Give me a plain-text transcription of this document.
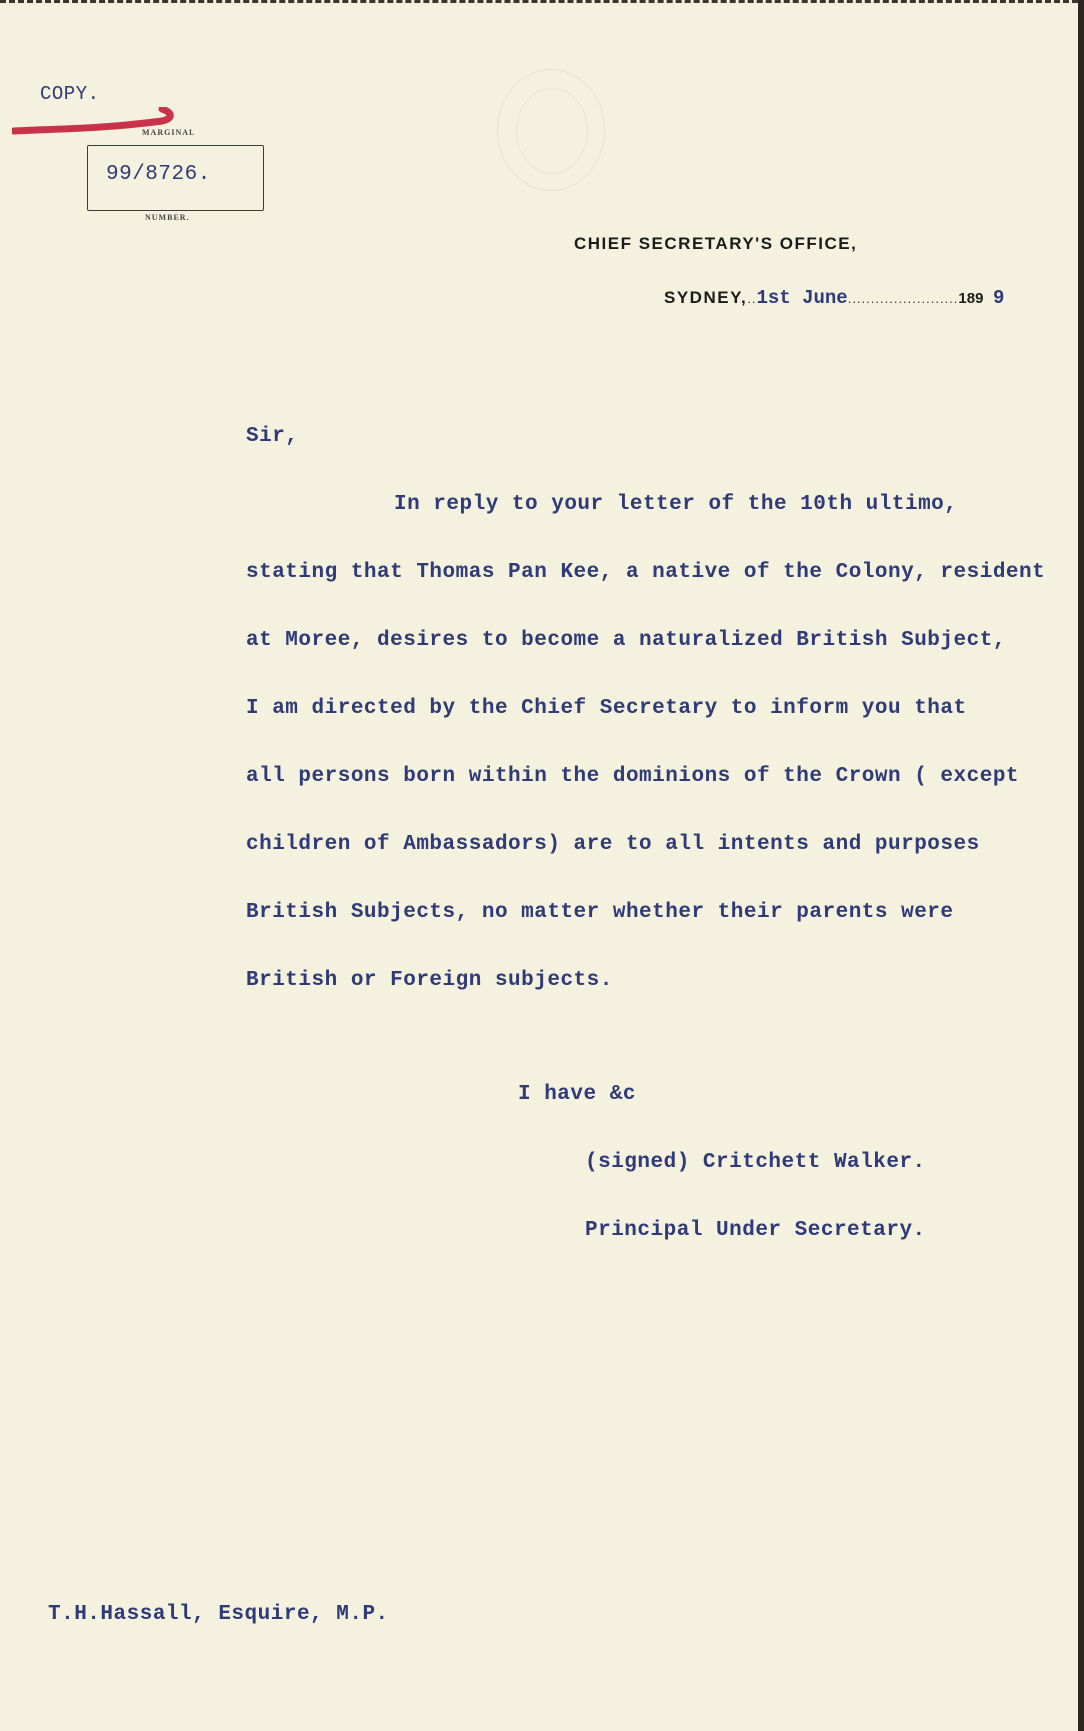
COPY.
MARGINAL
99/8726.
NUMBER.
CHIEF SECRETARY'S OFFICE,
SYDNEY,..1st June........................189 9
Sir,
In reply to your letter of the 10th ultimo,
stating that Thomas Pan Kee, a native of the Colony, resident
at Moree, desires to become a naturalized British Subject,
I am directed by the Chief Secretary to inform you that
all persons born within the dominions of the Crown ( except
children of Ambassadors) are to all intents and purposes
British Subjects, no matter whether their parents were
British or Foreign subjects.
I have &c
(signed) Critchett Walker.
Principal Under Secretary.
T.H.Hassall, Esquire, M.P.
